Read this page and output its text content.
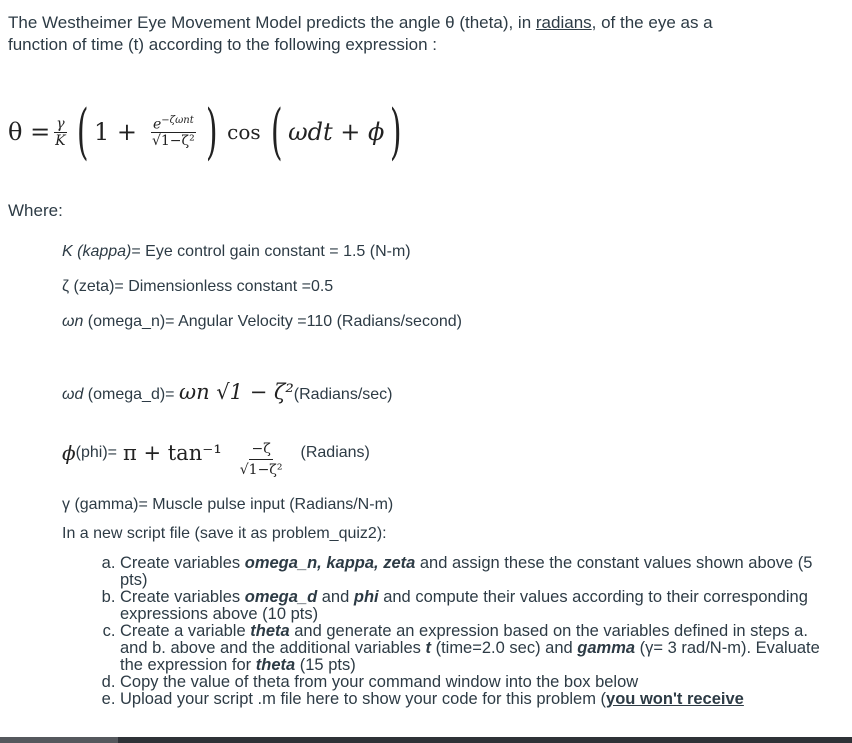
The Westheimer Eye Movement Model predicts the angle θ (theta), in radians, of the eye as a
function of time (t) according to the following expression :
$\theta = \frac{\gamma}{K}$ ( $1 + \frac{e^{-\zeta\omega nt}}{\text{√1−ζ²}}$ ) cos ( ωdt + ϕ )
Where:
K (kappa)= Eye control gain constant = 1.5 (N-m)
ζ (zeta)= Dimensionless constant =0.5
ωn (omega_n)= Angular Velocity =110 (Radians/second)
ωd (omega_d)= ωn √1 − ζ²(Radians/sec)
ϕ $(phi)= \pi + \tan^{-1} \frac{-\zeta}{\text{√1−ζ²}}$ (Radians)
γ (gamma)= Muscle pulse input (Radians/N-m)
In a new script file (save it as problem_quiz2):
a. Create variables omega_n, kappa, zeta and assign these the constant values shown above (5 pts)
b. Create variables omega_d and phi and compute their values according to their corresponding expressions above (10 pts)
c. Create a variable theta and generate an expression based on the variables defined in steps a. and b. above and the additional variables t (time=2.0 sec) and gamma (γ= 3 rad/N-m). Evaluate the expression for theta (15 pts)
d. Copy the value of theta from your command window into the box below
e. Upload your script .m file here to show your code for this problem (you won't receive
